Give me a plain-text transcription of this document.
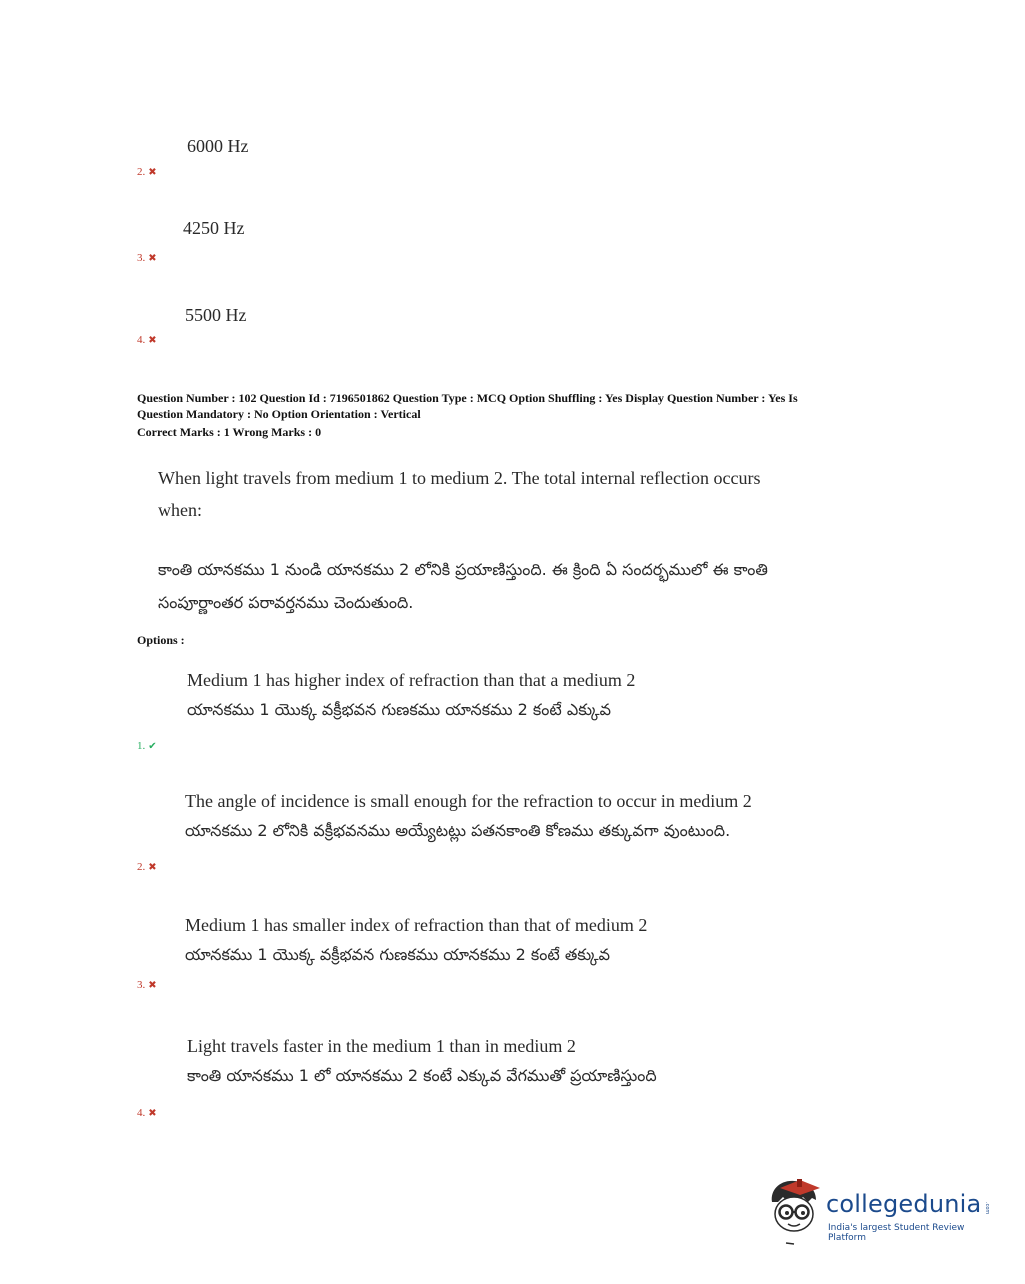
6000 Hz
2. ✖
4250 Hz
3. ✖
5500 Hz
4. ✖
Question Number : 102 Question Id : 7196501862 Question Type : MCQ Option Shuffling : Yes Display Question Number : Yes Is
Question Mandatory : No Option Orientation : Vertical
Correct Marks : 1 Wrong Marks : 0
When light travels from medium 1 to medium 2. The total internal reflection occurs
when:
కాంతి యానకము 1 నుండి యానకము 2 లోనికి ప్రయాణిస్తుంది. ఈ క్రింది ఏ సందర్భములో ఈ కాంతి
సంపూర్ణాంతర పరావర్తనము చెందుతుంది.
Options :
Medium 1 has higher index of refraction than that a medium 2
యానకము 1 యొక్క వక్రీభవన గుణకము యానకము 2 కంటే ఎక్కువ
1. ✔
The angle of incidence is small enough for the refraction to occur in medium 2
యానకము 2 లోనికి వక్రీభవనము అయ్యేటట్లు పతనకాంతి కోణము తక్కువగా వుంటుంది.
2. ✖
Medium 1 has smaller index of refraction than that of medium 2
యానకము 1 యొక్క వక్రీభవన గుణకము యానకము 2 కంటే తక్కువ
3. ✖
Light travels faster in the medium 1 than in medium 2
కాంతి యానకము 1 లో యానకము 2 కంటే ఎక్కువ వేగముతో ప్రయాణిస్తుంది
4. ✖
collegedunia .com
India's largest Student Review Platform
